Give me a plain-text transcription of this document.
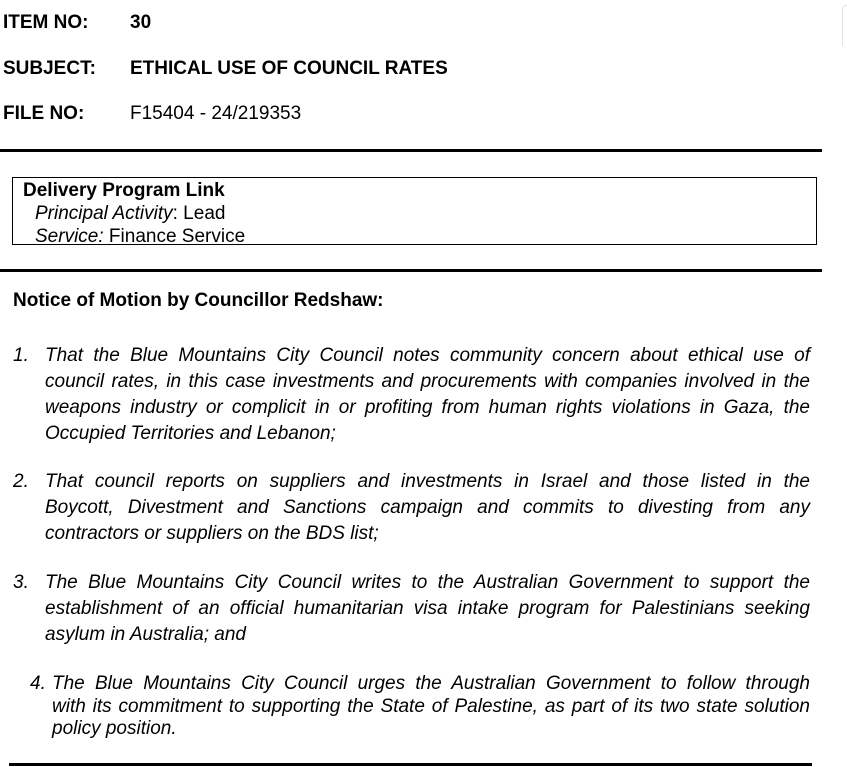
ITEM NO:	30
SUBJECT:	ETHICAL USE OF COUNCIL RATES
FILE NO:	F15404 - 24/219353
Delivery Program Link
Principal Activity: Lead
Service: Finance Service
Notice of Motion by Councillor Redshaw:
1. That the Blue Mountains City Council notes community concern about ethical use of
council rates, in this case investments and procurements with companies involved in the
weapons industry or complicit in or profiting from human rights violations in Gaza, the
Occupied Territories and Lebanon;
2. That council reports on suppliers and investments in Israel and those listed in the
Boycott, Divestment and Sanctions campaign and commits to divesting from any
contractors or suppliers on the BDS list;
3. The Blue Mountains City Council writes to the Australian Government to support the
establishment of an official humanitarian visa intake program for Palestinians seeking
asylum in Australia; and
4. The Blue Mountains City Council urges the Australian Government to follow through
with its commitment to supporting the State of Palestine, as part of its two state solution
policy position.
